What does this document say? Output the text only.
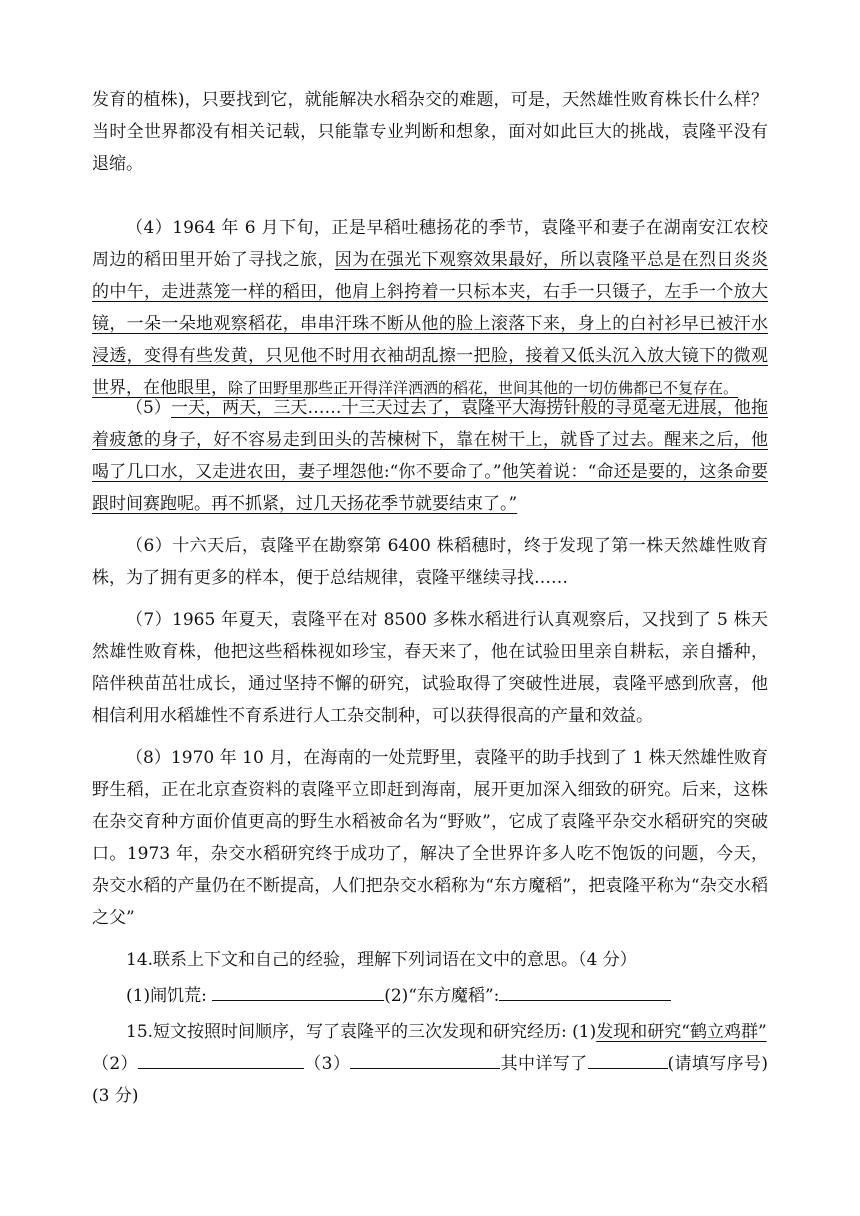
发育的植株)，只要找到它，就能解决水稻杂交的难题，可是，天然雄性败育株长什么样？当时全世界都没有相关记载，只能靠专业判断和想象，面对如此巨大的挑战，袁隆平没有退缩。

（4）1964 年 6 月下旬，正是早稻吐穗扬花的季节，袁隆平和妻子在湖南安江农校周边的稻田里开始了寻找之旅，因为在强光下观察效果最好，所以袁隆平总是在烈日炎炎的中午，走进蒸笼一样的稻田，他肩上斜挎着一只标本夹，右手一只镊子，左手一个放大镜，一朵一朵地观察稻花，串串汗珠不断从他的脸上滚落下来，身上的白衬衫早已被汗水浸透，变得有些发黄，只见他不时用衣袖胡乱擦一把脸，接着又低头沉入放大镜下的微观世界，在他眼里，除了田野里那些正开得洋洋洒洒的稻花，世间其他的一切仿佛都已不复存在。

（5）一天，两天，三天……十三天过去了，袁隆平大海捞针般的寻觅毫无进展，他拖着疲惫的身子，好不容易走到田头的苦楝树下，靠在树干上，就昏了过去。醒来之后，他喝了几口水，又走进农田，妻子埋怨他:“你不要命了。”他笑着说：“命还是要的，这条命要跟时间赛跑呢。再不抓紧，过几天扬花季节就要结束了。”

（6）十六天后，袁隆平在勘察第 6400 株稻穗时，终于发现了第一株天然雄性败育株，为了拥有更多的样本，便于总结规律，袁隆平继续寻找……

（7）1965 年夏天，袁隆平在对 8500 多株水稻进行认真观察后，又找到了 5 株天然雄性败育株，他把这些稻株视如珍宝，春天来了，他在试验田里亲自耕耘，亲自播种，陪伴秧苗茁壮成长，通过坚持不懈的研究，试验取得了突破性进展，袁隆平感到欣喜，他相信利用水稻雄性不育系进行人工杂交制种，可以获得很高的产量和效益。

（8）1970 年 10 月，在海南的一处荒野里，袁隆平的助手找到了 1 株天然雄性败育野生稻，正在北京查资料的袁隆平立即赶到海南，展开更加深入细致的研究。后来，这株在杂交育种方面价值更高的野生水稻被命名为“野败”，它成了袁隆平杂交水稻研究的突破口。1973 年，杂交水稻研究终于成功了，解决了全世界许多人吃不饱饭的问题，今天，杂交水稻的产量仍在不断提高，人们把杂交水稻称为“东方魔稻”，把袁隆平称为“杂交水稻之父”

14.联系上下文和自己的经验，理解下列词语在文中的意思。（4 分）

(1)闹饥荒:	(2)“东方魔稻”:

15.短文按照时间顺序，写了袁隆平的三次发现和研究经历: (1)发现和研究“鹤立鸡群”
（2）	（3）	其中详写了	(请填写序号) (3 分)
